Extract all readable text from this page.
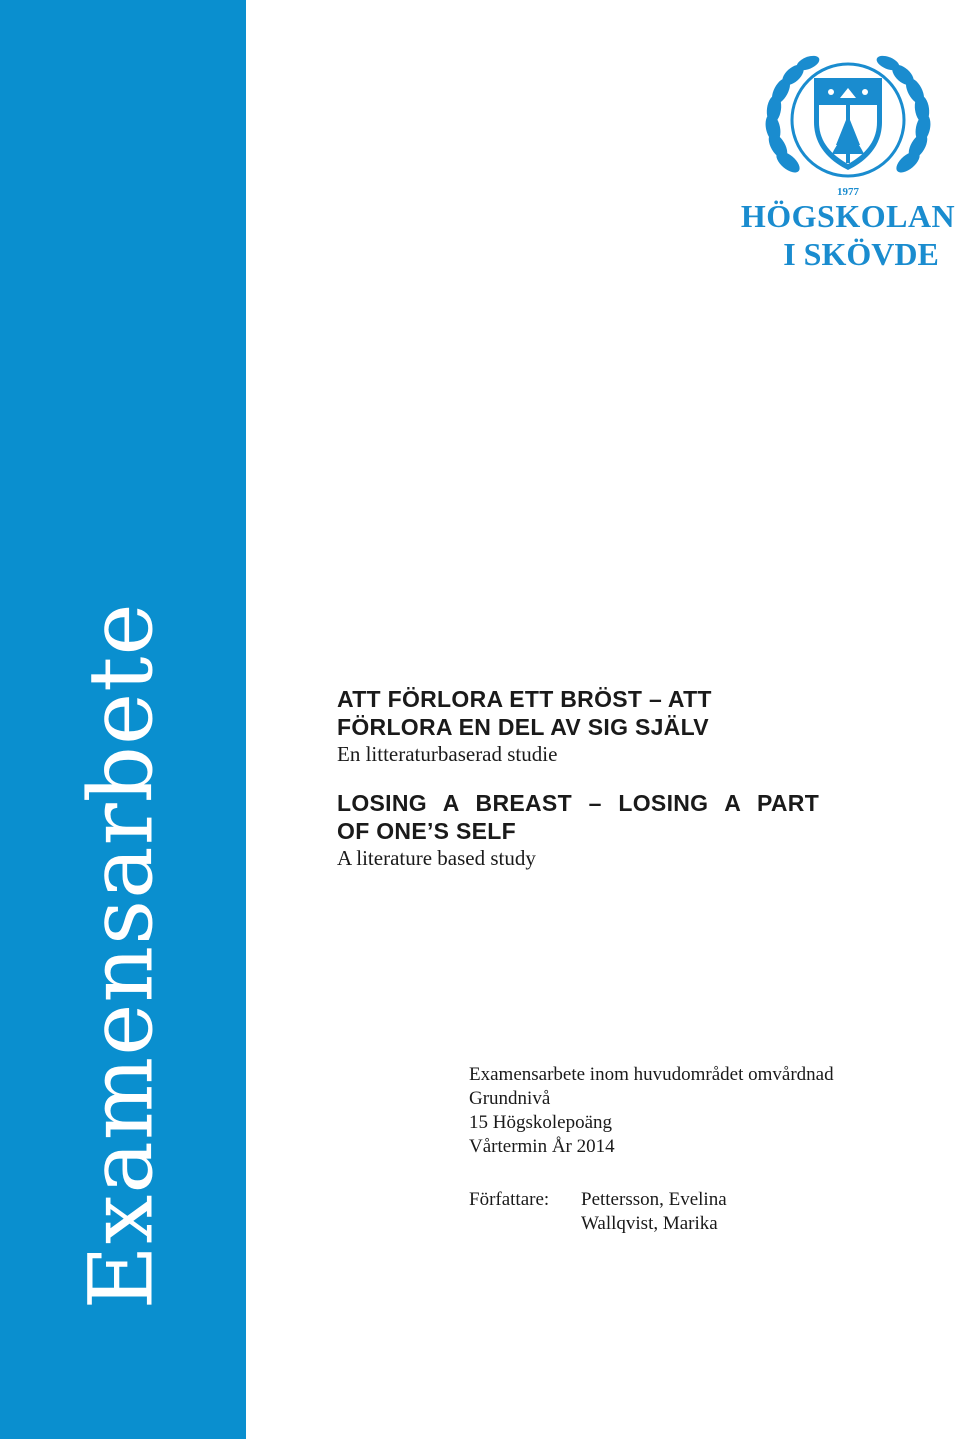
Examensarbete
1977
HÖGSKOLAN
I SKÖVDE

ATT FÖRLORA ETT BRÖST – ATT

FÖRLORA EN DEL AV SIG SJÄLV

En litteraturbaserad studie

LOSING A BREAST – LOSING A PART

OF ONE’S SELF

A literature based study

Examensarbete inom huvudområdet omvårdnad

Grundnivå

15 Högskolepoäng

Vårtermin År 2014

Författare: Pettersson, Evelina
Wallqvist, Marika
